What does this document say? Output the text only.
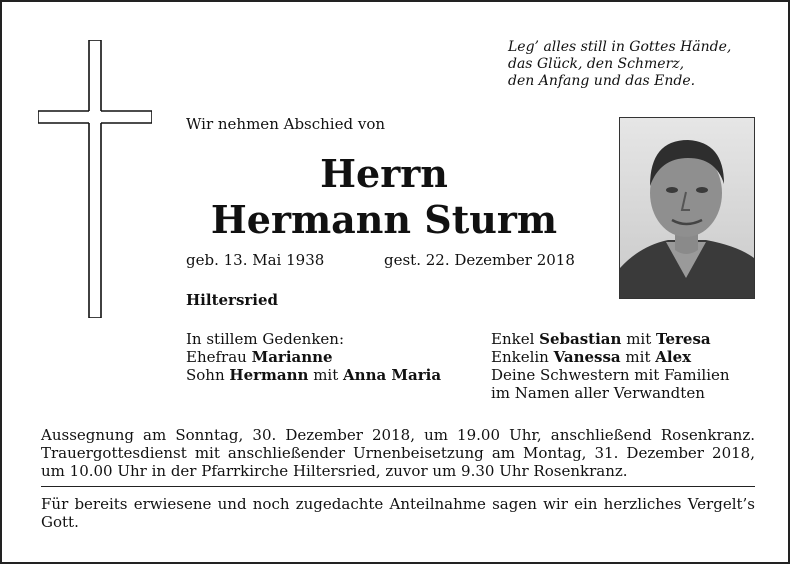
Leg’ alles still in Gottes Hände,
das Glück, den Schmerz,
den Anfang und das Ende.
Wir nehmen Abschied von
Herrn
Hermann Sturm
geb. 13. Mai 1938	gest. 22. Dezember 2018
Hiltersried
In stillem Gedenken:
Ehefrau Marianne
Sohn Hermann mit Anna Maria
Enkel Sebastian mit Teresa
Enkelin Vanessa mit Alex
Deine Schwestern mit Familien
im Namen aller Verwandten
Aussegnung am Sonntag, 30. Dezember 2018, um 19.00 Uhr, anschließend Rosenkranz. Trauergottesdienst mit anschließender Urnenbeisetzung am Montag, 31. Dezember 2018, um 10.00 Uhr in der Pfarrkirche Hiltersried, zuvor um 9.30 Uhr Rosenkranz.
Für bereits erwiesene und noch zugedachte Anteilnahme sagen wir ein herzliches Vergelt’s Gott.
